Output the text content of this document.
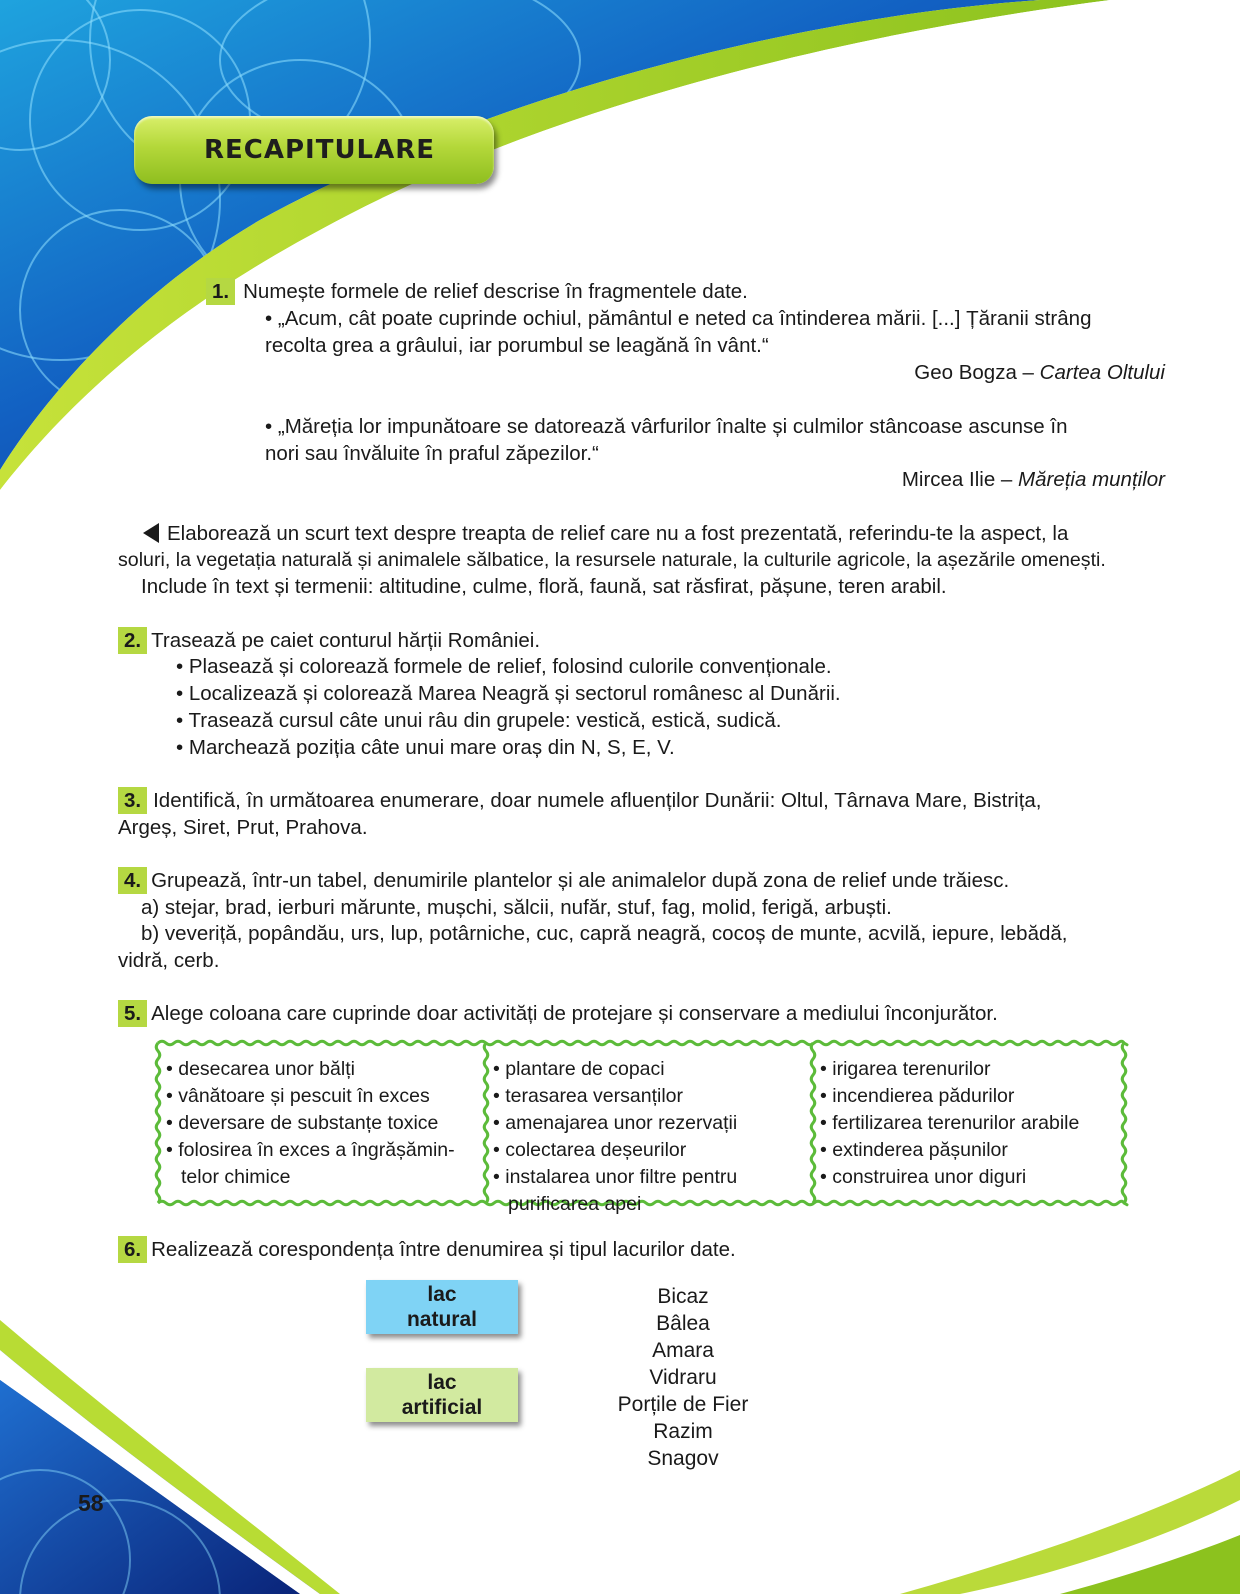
RECAPITULARE
1. Numește formele de relief descrise în fragmentele date.
• „Acum, cât poate cuprinde ochiul, pământul e neted ca întinderea mării. [...] Țăranii strâng
recolta grea a grâului, iar porumbul se leagănă în vânt.“
Geo Bogza – Cartea Oltului
• „Măreția lor impunătoare se datorează vârfurilor înalte și culmilor stâncoase ascunse în
nori sau învăluite în praful zăpezilor.“
Mircea Ilie – Măreția munților
Elaborează un scurt text despre treapta de relief care nu a fost prezentată, referindu-te la aspect, la
soluri, la vegetația naturală și animalele sălbatice, la resursele naturale, la culturile agricole, la așezările omenești.
Include în text și termenii: altitudine, culme, floră, faună, sat răsfirat, pășune, teren arabil.
2. Trasează pe caiet conturul hărții României.
• Plasează și colorează formele de relief, folosind culorile convenționale.
• Localizează și colorează Marea Neagră și sectorul românesc al Dunării.
• Trasează cursul câte unui râu din grupele: vestică, estică, sudică.
• Marchează poziția câte unui mare oraș din N, S, E, V.
3. Identifică, în următoarea enumerare, doar numele afluenților Dunării: Oltul, Târnava Mare, Bistrița,
Argeș, Siret, Prut, Prahova.
4. Grupează, într-un tabel, denumirile plantelor și ale animalelor după zona de relief unde trăiesc.
a) stejar, brad, ierburi mărunte, mușchi, sălcii, nufăr, stuf, fag, molid, ferigă, arbuști.
b) veveriță, popândău, urs, lup, potârniche, cuc, capră neagră, cocoș de munte, acvilă, iepure, lebădă,
vidră, cerb.
5. Alege coloana care cuprinde doar activități de protejare și conservare a mediului înconjurător.
• desecarea unor bălți
• vânătoare și pescuit în exces
• deversare de substanțe toxice
• folosirea în exces a îngrășămin-
telor chimice
• plantare de copaci
• terasarea versanților
• amenajarea unor rezervații
• colectarea deșeurilor
• instalarea unor filtre pentru
purificarea apei
• irigarea terenurilor
• incendierea pădurilor
• fertilizarea terenurilor arabile
• extinderea pășunilor
• construirea unor diguri
6. Realizează corespondența între denumirea și tipul lacurilor date.
lac
natural
lac
artificial
Bicaz
Bâlea
Amara
Vidraru
Porțile de Fier
Razim
Snagov
58
